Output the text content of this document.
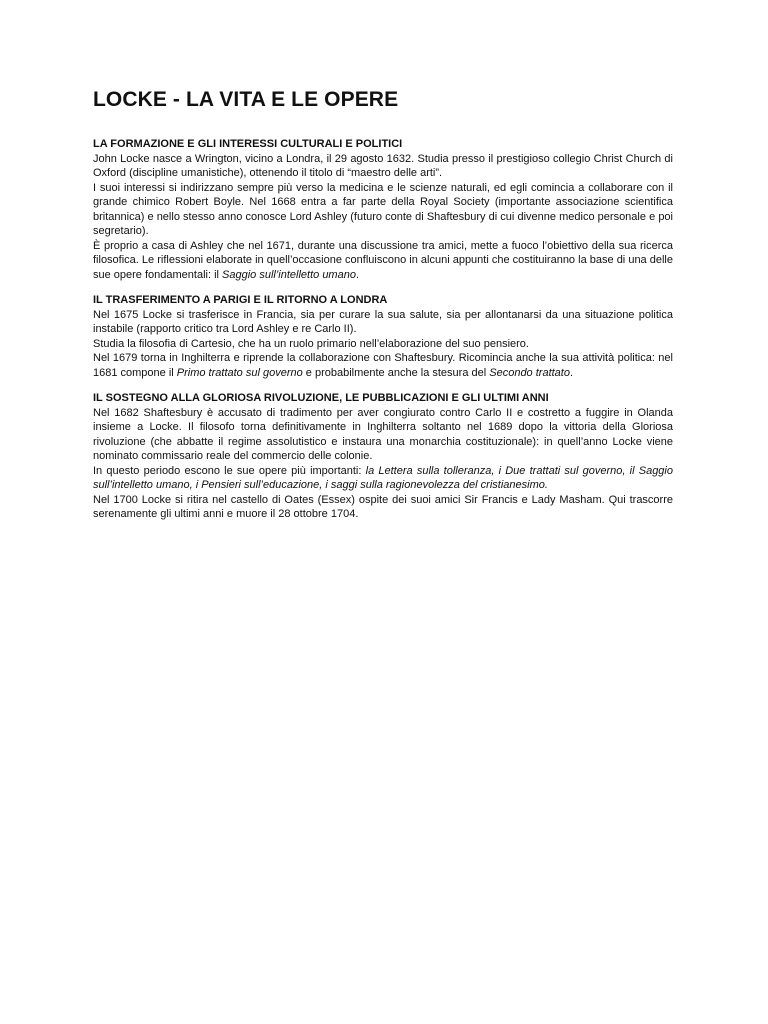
LOCKE - LA VITA E LE OPERE
LA FORMAZIONE E GLI INTERESSI CULTURALI E POLITICI

John Locke nasce a Wrington, vicino a Londra, il 29 agosto 1632. Studia presso il prestigioso collegio Christ Church di Oxford (discipline umanistiche), ottenendo il titolo di “maestro delle arti”.

I suoi interessi si indirizzano sempre più verso la medicina e le scienze naturali, ed egli comincia a collaborare con il grande chimico Robert Boyle. Nel 1668 entra a far parte della Royal Society (importante associazione scientifica britannica) e nello stesso anno conosce Lord Ashley (futuro conte di Shaftesbury di cui divenne medico personale e poi segretario).

È proprio a casa di Ashley che nel 1671, durante una discussione tra amici, mette a fuoco l’obiettivo della sua ricerca filosofica. Le riflessioni elaborate in quell’occasione confluiscono in alcuni appunti che costituiranno la base di una delle sue opere fondamentali: il Saggio sull’intelletto umano.

IL TRASFERIMENTO A PARIGI E IL RITORNO A LONDRA

Nel 1675 Locke si trasferisce in Francia, sia per curare la sua salute, sia per allontanarsi da una situazione politica instabile (rapporto critico tra Lord Ashley e re Carlo II).

Studia la filosofia di Cartesio, che ha un ruolo primario nell’elaborazione del suo pensiero.

Nel 1679 torna in Inghilterra e riprende la collaborazione con Shaftesbury. Ricomincia anche la sua attività politica: nel 1681 compone il Primo trattato sul governo e probabilmente anche la stesura del Secondo trattato.

IL SOSTEGNO ALLA GLORIOSA RIVOLUZIONE, LE PUBBLICAZIONI E GLI ULTIMI ANNI

Nel 1682 Shaftesbury è accusato di tradimento per aver congiurato contro Carlo II e costretto a fuggire in Olanda insieme a Locke. Il filosofo torna definitivamente in Inghilterra soltanto nel 1689 dopo la vittoria della Gloriosa rivoluzione (che abbatte il regime assolutistico e instaura una monarchia costituzionale): in quell’anno Locke viene nominato commissario reale del commercio delle colonie.

In questo periodo escono le sue opere più importanti: la Lettera sulla tolleranza, i Due trattati sul governo, il Saggio sull’intelletto umano, i Pensieri sull’educazione, i saggi sulla ragionevolezza del cristianesimo.

Nel 1700 Locke si ritira nel castello di Oates (Essex) ospite dei suoi amici Sir Francis e Lady Masham. Qui trascorre serenamente gli ultimi anni e muore il 28 ottobre 1704.
